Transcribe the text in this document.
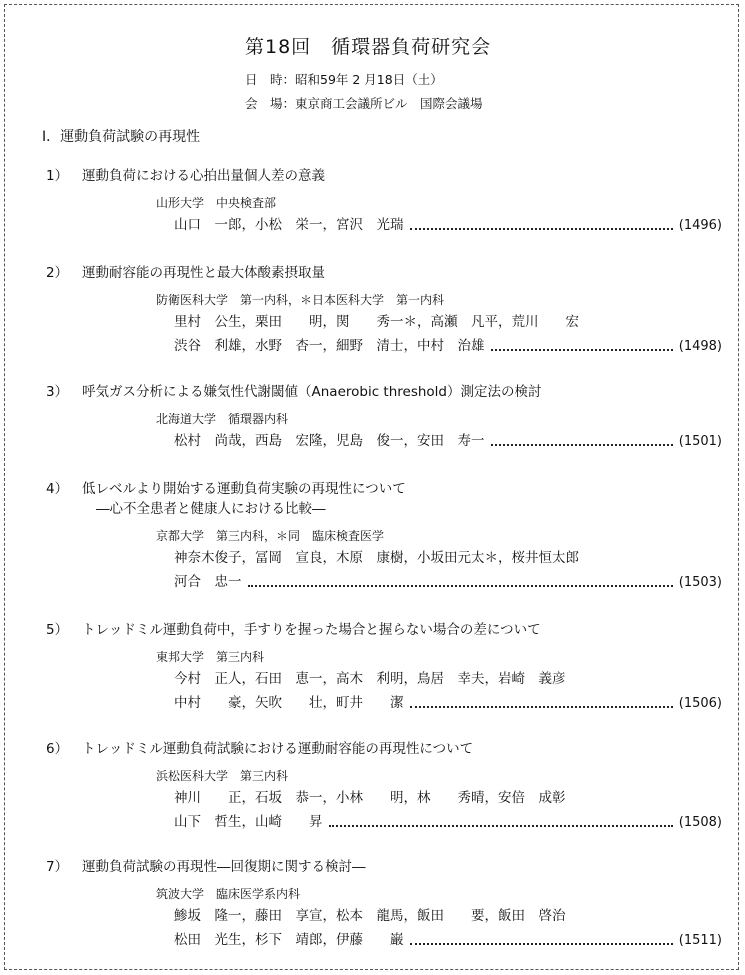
第18回　循環器負荷研究会
日　時：昭和59年 2 月18日（土）
会　場：東京商工会議所ビル　国際会議場
I．運動負荷試験の再現性
1） 運動負荷における心拍出量個人差の意義
山形大学　中央検査部
山口　一郎，小松　栄一，宮沢　光瑞	(1496)
2） 運動耐容能の再現性と最大体酸素摂取量
防衛医科大学　第一内科，＊日本医科大学　第一内科
里村　公生，栗田　　明，関　　秀一＊，高瀬　凡平，荒川　　宏
渋谷　利雄，水野　杏一，細野　清士，中村　治雄	(1498)
3） 呼気ガス分析による嫌気性代謝閾値（Anaerobic threshold）測定法の検討
北海道大学　循環器内科
松村　尚哉，西島　宏隆，児島　俊一，安田　寿一	(1501)
4） 低レベルより開始する運動負荷実験の再現性について
―心不全患者と健康人における比較―
京都大学　第三内科，＊同　臨床検査医学
神奈木俊子，冨岡　宣良，木原　康樹，小坂田元太＊，桜井恒太郎
河合　忠一	(1503)
5） トレッドミル運動負荷中，手すりを握った場合と握らない場合の差について
東邦大学　第三内科
今村　正人，石田　恵一，高木　利明，鳥居　幸夫，岩崎　義彦
中村　　豪，矢吹　　壮，町井　　潔	(1506)
6） トレッドミル運動負荷試験における運動耐容能の再現性について
浜松医科大学　第三内科
神川　　正，石坂　恭一，小林　　明，林　　秀晴，安倍　成彰
山下　哲生，山崎　　昇	(1508)
7） 運動負荷試験の再現性―回復期に関する検討―
筑波大学　臨床医学系内科
鯵坂　隆一，藤田　享宣，松本　龍馬，飯田　　要，飯田　啓治
松田　光生，杉下　靖郎，伊藤　　巌	(1511)
